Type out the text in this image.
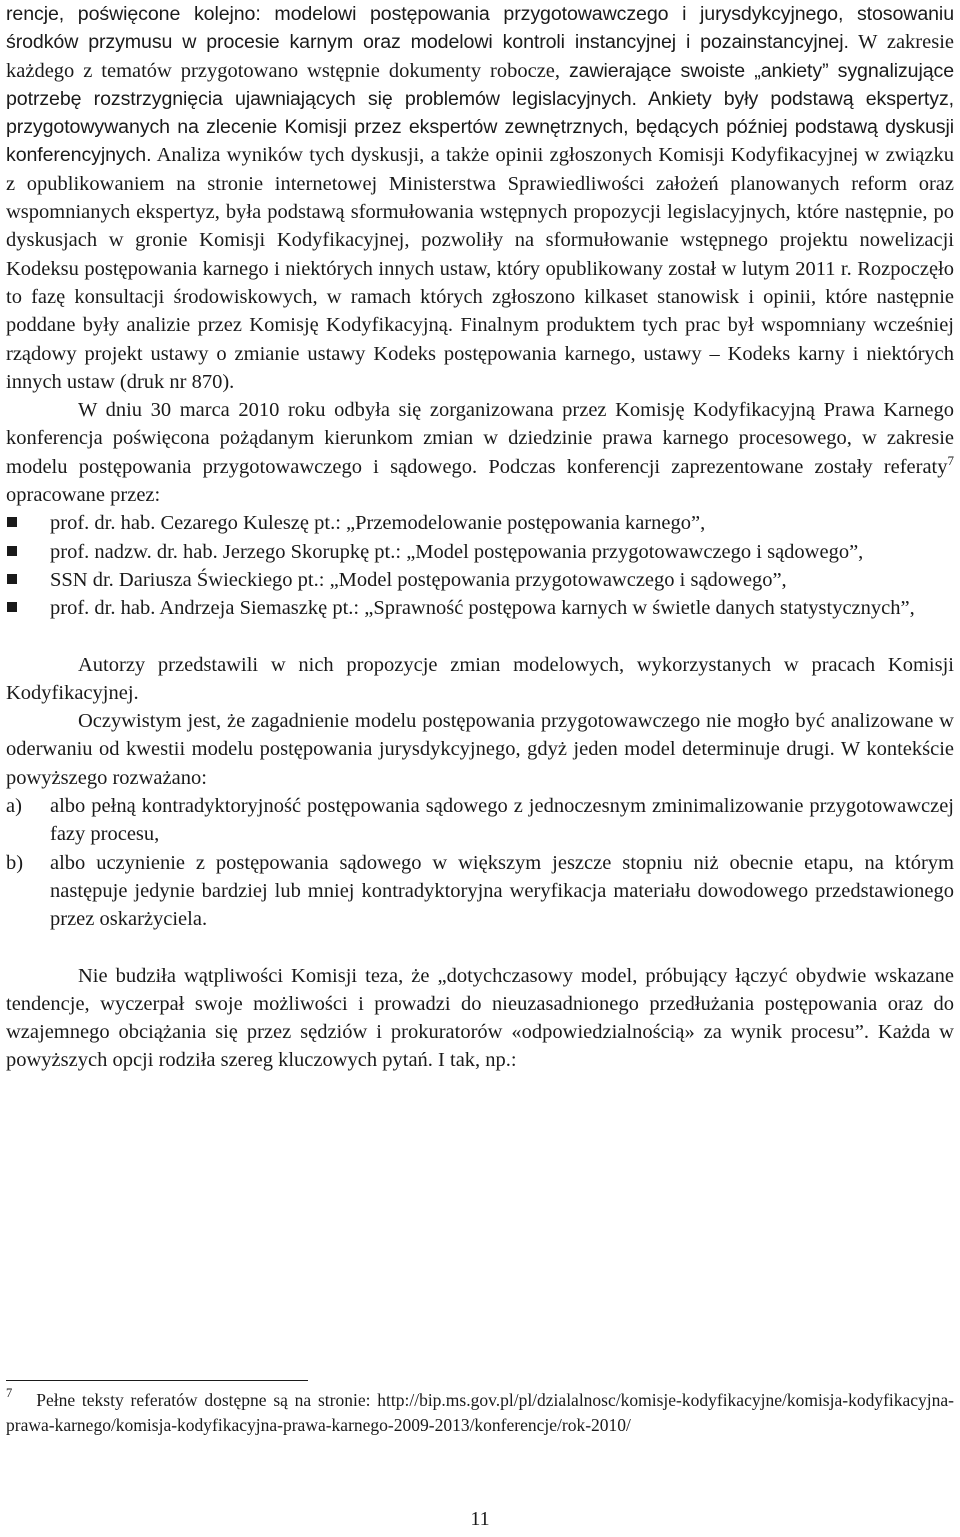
rencje, poświęcone kolejno: modelowi postępowania przygotowawczego i jurysdykcyjnego, stosowaniu środków przymusu w procesie karnym oraz modelowi kontroli instancyjnej i pozainstancyjnej. W zakresie każdego z tematów przygotowano wstępnie dokumenty robocze, zawierające swoiste „ankiety” sygnalizujące potrzebę rozstrzygnięcia ujawniających się problemów legislacyjnych. Ankiety były podstawą ekspertyz, przygotowywanych na zlecenie Komisji przez ekspertów zewnętrznych, będących później podstawą dyskusji konferencyjnych. Analiza wyników tych dyskusji, a także opinii zgłoszonych Komisji Kodyfikacyjnej w związku z opublikowaniem na stronie internetowej Ministerstwa Sprawiedliwości założeń planowanych reform oraz wspomnianych ekspertyz, była podstawą sformułowania wstępnych propozycji legislacyjnych, które następnie, po dyskusjach w gronie Komisji Kodyfikacyjnej, pozwoliły na sformułowanie wstępnego projektu nowelizacji Kodeksu postępowania karnego i niektórych innych ustaw, który opublikowany został w lutym 2011 r. Rozpoczęło to fazę konsultacji środowiskowych, w ramach których zgłoszono kilkaset stanowisk i opinii, które następnie poddane były analizie przez Komisję Kodyfikacyjną. Finalnym produktem tych prac był wspomniany wcześniej rządowy projekt ustawy o zmianie ustawy Kodeks postępowania karnego, ustawy – Kodeks karny i niektórych innych ustaw (druk nr 870).

W dniu 30 marca 2010 roku odbyła się zorganizowana przez Komisję Kodyfikacyjną Prawa Karnego konferencja poświęcona pożądanym kierunkom zmian w dziedzinie prawa karnego procesowego, w zakresie modelu postępowania przygotowawczego i sądowego. Podczas konferencji zaprezentowane zostały referaty$^7$ opracowane przez:

prof. dr. hab. Cezarego Kuleszę pt.: „Przemodelowanie postępowania karnego”,
prof. nadzw. dr. hab. Jerzego Skorupkę pt.: „Model postępowania przygotowawczego i sądowego”,
SSN dr. Dariusza Świeckiego pt.: „Model postępowania przygotowawczego i sądowego”,
prof. dr. hab. Andrzeja Siemaszkę pt.: „Sprawność postępowa karnych w świetle danych statystycznych”,

Autorzy przedstawili w nich propozycje zmian modelowych, wykorzystanych w pracach Komisji Kodyfikacyjnej.

Oczywistym jest, że zagadnienie modelu postępowania przygotowawczego nie mogło być analizowane w oderwaniu od kwestii modelu postępowania jurysdykcyjnego, gdyż jeden model determinuje drugi. W kontekście powyższego rozważano:

a) albo pełną kontradyktoryjność postępowania sądowego z jednoczesnym zminimalizowanie przygotowawczej fazy procesu,
b) albo uczynienie z postępowania sądowego w większym jeszcze stopniu niż obecnie etapu, na którym następuje jedynie bardziej lub mniej kontradyktoryjna weryfikacja materiału dowodowego przedstawionego przez oskarżyciela.

Nie budziła wątpliwości Komisji teza, że „dotychczasowy model, próbujący łączyć obydwie wskazane tendencje, wyczerpał swoje możliwości i prowadzi do nieuzasadnionego przedłużania postępowania oraz do wzajemnego obciążania się przez sędziów i prokuratorów «odpowiedzialnością» za wynik procesu”. Każda w powyższych opcji rodziła szereg kluczowych pytań. I tak, np.:

$^7$ Pełne teksty referatów dostępne są na stronie: http://bip.ms.gov.pl/pl/dzialalnosc/komisje-kodyfikacyjne/komisja-kodyfikacyjna-prawa-karnego/komisja-kodyfikacyjna-prawa-karnego-2009-2013/konferencje/rok-2010/
11
